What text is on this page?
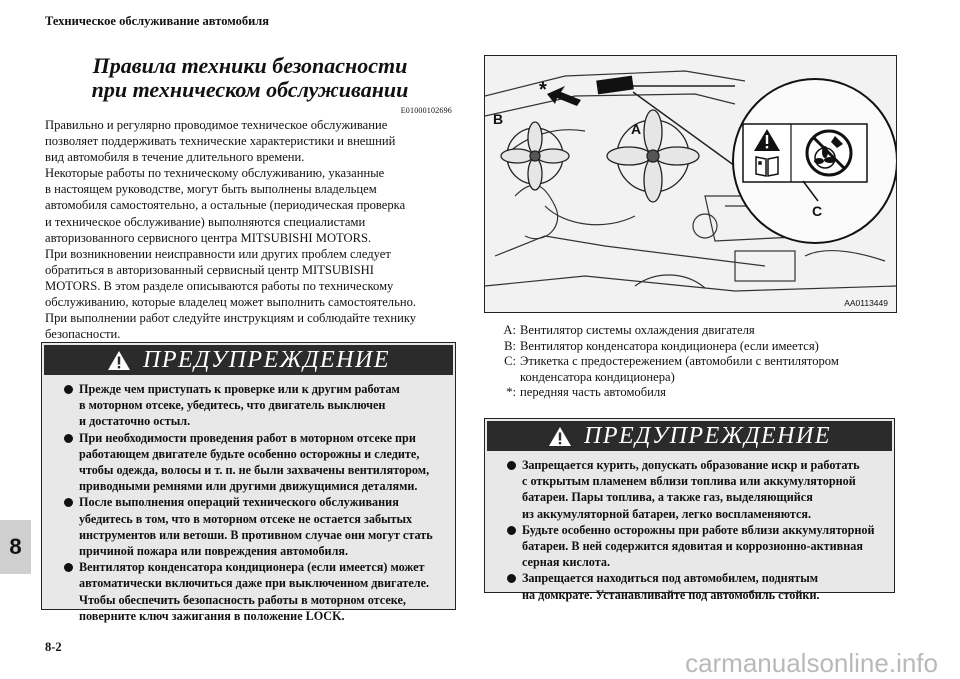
Техническое обслуживание автомобиля
Правила техники безопасности
при техническом обслуживании
E01000102696
Правильно и регулярно проводимое техническое обслуживание
позволяет поддерживать технические характеристики и внешний
вид автомобиля в течение длительного времени.
Некоторые работы по техническому обслуживанию, указанные
в настоящем руководстве, могут быть выполнены владельцем
автомобиля самостоятельно, а остальные (периодическая проверка
и техническое обслуживание) выполняются специалистами
авторизованного сервисного центра MITSUBISHI MOTORS.
При возникновении неисправности или других проблем следует
обратиться в авторизованный сервисный центр MITSUBISHI
MOTORS. В этом разделе описываются работы по техническому
обслуживанию, которые владелец может выполнить самостоятельно.
При выполнении работ следуйте инструкциям и соблюдайте технику
безопасности.
ПРЕДУПРЕЖДЕНИЕ
Прежде чем приступать к проверке или к другим работам
в моторном отсеке, убедитесь, что двигатель выключен
и достаточно остыл.
При необходимости проведения работ в моторном отсеке при
работающем двигателе будьте особенно осторожны и следите,
чтобы одежда, волосы и т. п. не были захвачены вентилятором,
приводными ремнями или другими движущимися деталями.
После выполнения операций технического обслуживания
убедитесь в том, что в моторном отсеке не остается забытых
инструментов или ветоши. В противном случае они могут стать
причиной пожара или повреждения автомобиля.
Вентилятор конденсатора кондиционера (если имеется) может
автоматически включиться даже при выключенном двигателе.
Чтобы обеспечить безопасность работы в моторном отсеке,
поверните ключ зажигания в положение LOCK.
C
A
B
*
AA0113449
A: Вентилятор системы охлаждения двигателя
B: Вентилятор конденсатора кондиционера (если имеется)
C: Этикетка с предостережением (автомобили с вентилятором
конденсатора кондиционера)
*: передняя часть автомобиля
ПРЕДУПРЕЖДЕНИЕ
Запрещается курить, допускать образование искр и работать
с открытым пламенем вблизи топлива или аккумуляторной
батареи. Пары топлива, а также газ, выделяющийся
из аккумуляторной батареи, легко воспламеняются.
Будьте особенно осторожны при работе вблизи аккумуляторной
батареи. В ней содержится ядовитая и коррозионно-активная
серная кислота.
Запрещается находиться под автомобилем, поднятым
на домкрате. Устанавливайте под автомобиль стойки.
8
8-2
carmanualsonline.info
